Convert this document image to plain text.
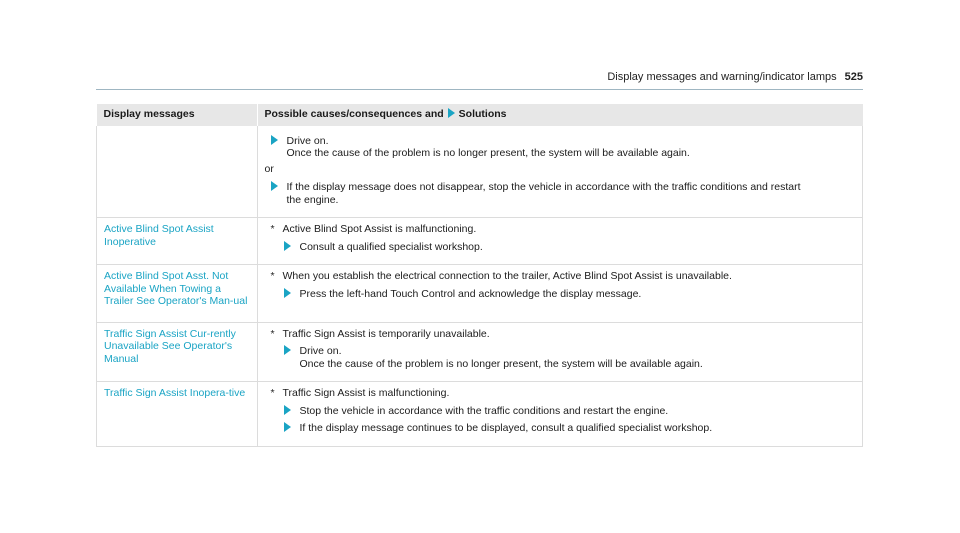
Display messages and warning/indicator lamps 525
Display messages	Possible causes/consequences and Solutions

	Drive on.
Once the cause of the problem is no longer present, the system will be available again.
or
If the display message does not disappear, stop the vehicle in accordance with the traffic conditions and restart
the engine.

Active Blind Spot Assist Inoperative	* Active Blind Spot Assist is malfunctioning.
Consult a qualified specialist workshop.

Active Blind Spot Asst. Not Available When Towing a Trailer See Operator's Man-ual	* When you establish the electrical connection to the trailer, Active Blind Spot Assist is unavailable.
Press the left-hand Touch Control and acknowledge the display message.

Traffic Sign Assist Cur-rently Unavailable See Operator's Manual	* Traffic Sign Assist is temporarily unavailable.
Drive on.
Once the cause of the problem is no longer present, the system will be available again.

Traffic Sign Assist Inopera-tive	* Traffic Sign Assist is malfunctioning.
Stop the vehicle in accordance with the traffic conditions and restart the engine.
If the display message continues to be displayed, consult a qualified specialist workshop.
